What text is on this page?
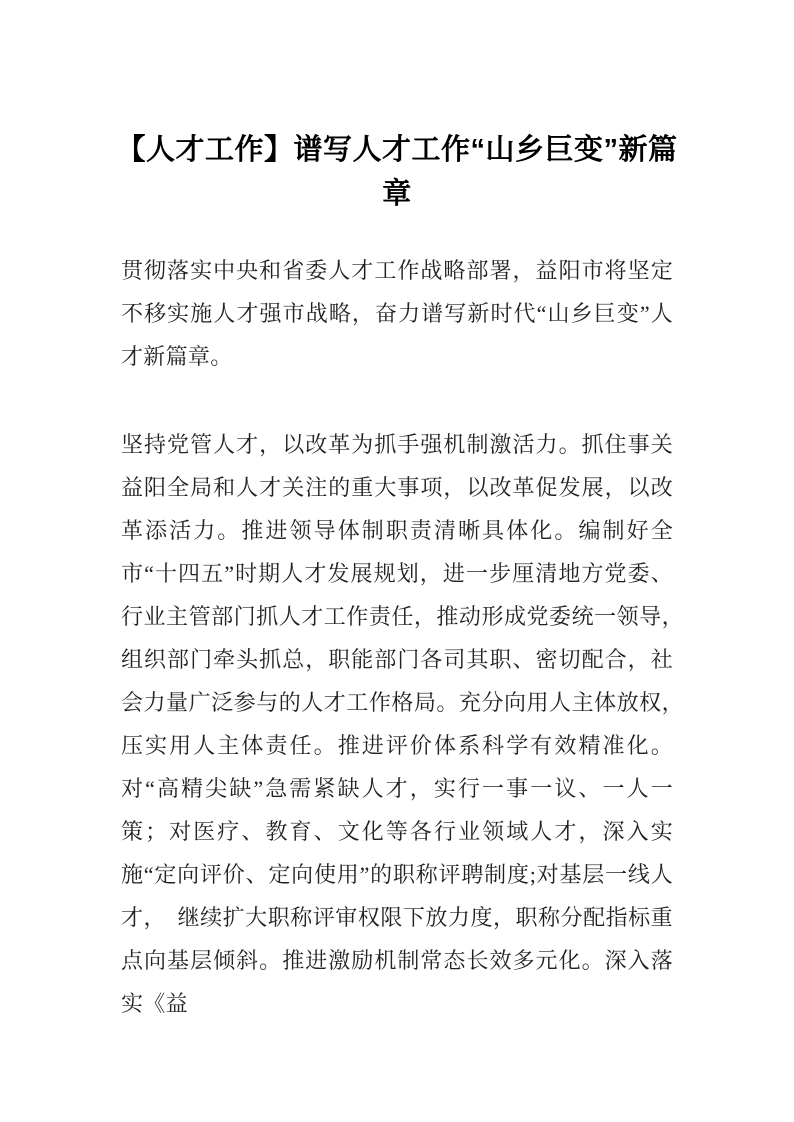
【人才工作】谱写人才工作“山乡巨变”新篇章

贯彻落实中央和省委人才工作战略部署，益阳市将坚定不移实施人才强市战略，奋力谱写新时代“山乡巨变”人才新篇章。

坚持党管人才，以改革为抓手强机制激活力。抓住事关益阳全局和人才关注的重大事项，以改革促发展，以改革添活力。推进领导体制职责清晰具体化。编制好全市“十四五”时期人才发展规划，进一步厘清地方党委、行业主管部门抓人才工作责任，推动形成党委统一领导，　组织部门牵头抓总，职能部门各司其职、密切配合，社会力量广泛参与的人才工作格局。充分向用人主体放权，　压实用人主体责任。推进评价体系科学有效精准化。对“高精尖缺”急需紧缺人才，实行一事一议、一人一策；对医疗、教育、文化等各行业领域人才，深入实施“定向评价、定向使用”的职称评聘制度;对基层一线人才，　继续扩大职称评审权限下放力度，职称分配指标重点向基层倾斜。推进激励机制常态长效多元化。深入落实《益
